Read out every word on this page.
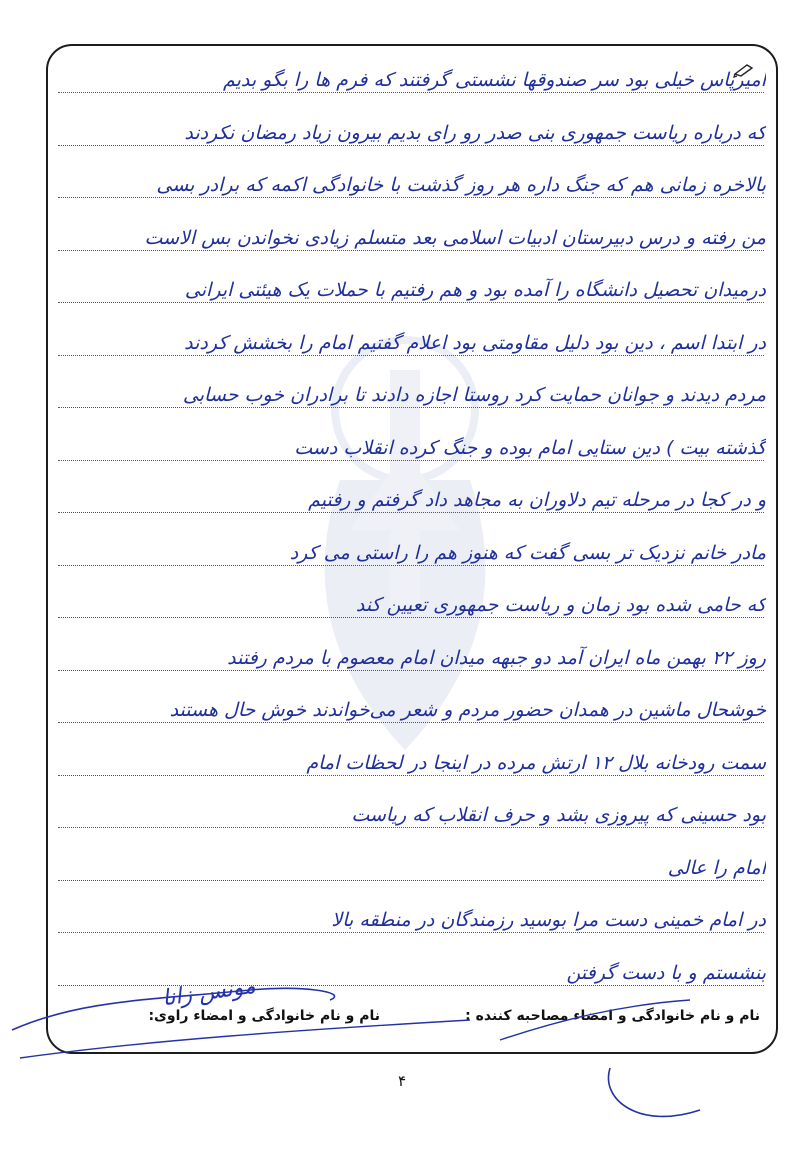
امیرپاس خیلی بود سر صندوقها نشستی گرفتند که فرم ها را بگو بدیم
که درباره ریاست جمهوری بنی صدر رو رای بدیم بیرون زیاد رمضان نکردند
بالاخره زمانی هم که جنگ داره هر روز گذشت با خانوادگی اکمه که برادر بسی
من رفته و درس دبیرستان ادبیات اسلامی بعد متسلم زیادی نخواندن بس الاست
درمیدان تحصیل دانشگاه را آمده بود و هم رفتیم با حملات یک هیئتی ایرانی
در ابتدا اسم ، دین بود دلیل مقاومتی بود اعلام گفتیم امام را بخشش کردند
مردم دیدند و جوانان حمایت کرد روستا اجازه دادند تا برادران خوب حسابی
گذشته بیت ) دین ستایی امام بوده و جنگ کرده انقلاب دست
و در کجا در مرحله تیم دلاوران به مجاهد داد گرفتم و رفتیم
مادر خانم نزدیک تر بسی گفت که هنوز هم را راستی می کرد
که حامی شده بود زمان و ریاست جمهوری تعیین کند
روز ۲۲ بهمن ماه ایران آمد دو جبهه میدان امام معصوم با مردم رفتند
خوشحال ماشین در همدان حضور مردم و شعر می‌خواندند خوش حال هستند
سمت رودخانه بلال ۱۲ ارتش مرده در اینجا در لحظات امام
بود حسینی که پیروزی بشد و حرف انقلاب که ریاست
امام را عالی
در امام خمینی دست مرا بوسید رزمندگان در منطقه بالا
بنشستم و با دست گرفتن
نام و نام خانوادگی و امضاء مصاحبه کننده :
نام و نام خانوادگی و امضاء راوی:
مونس زانا
۴
